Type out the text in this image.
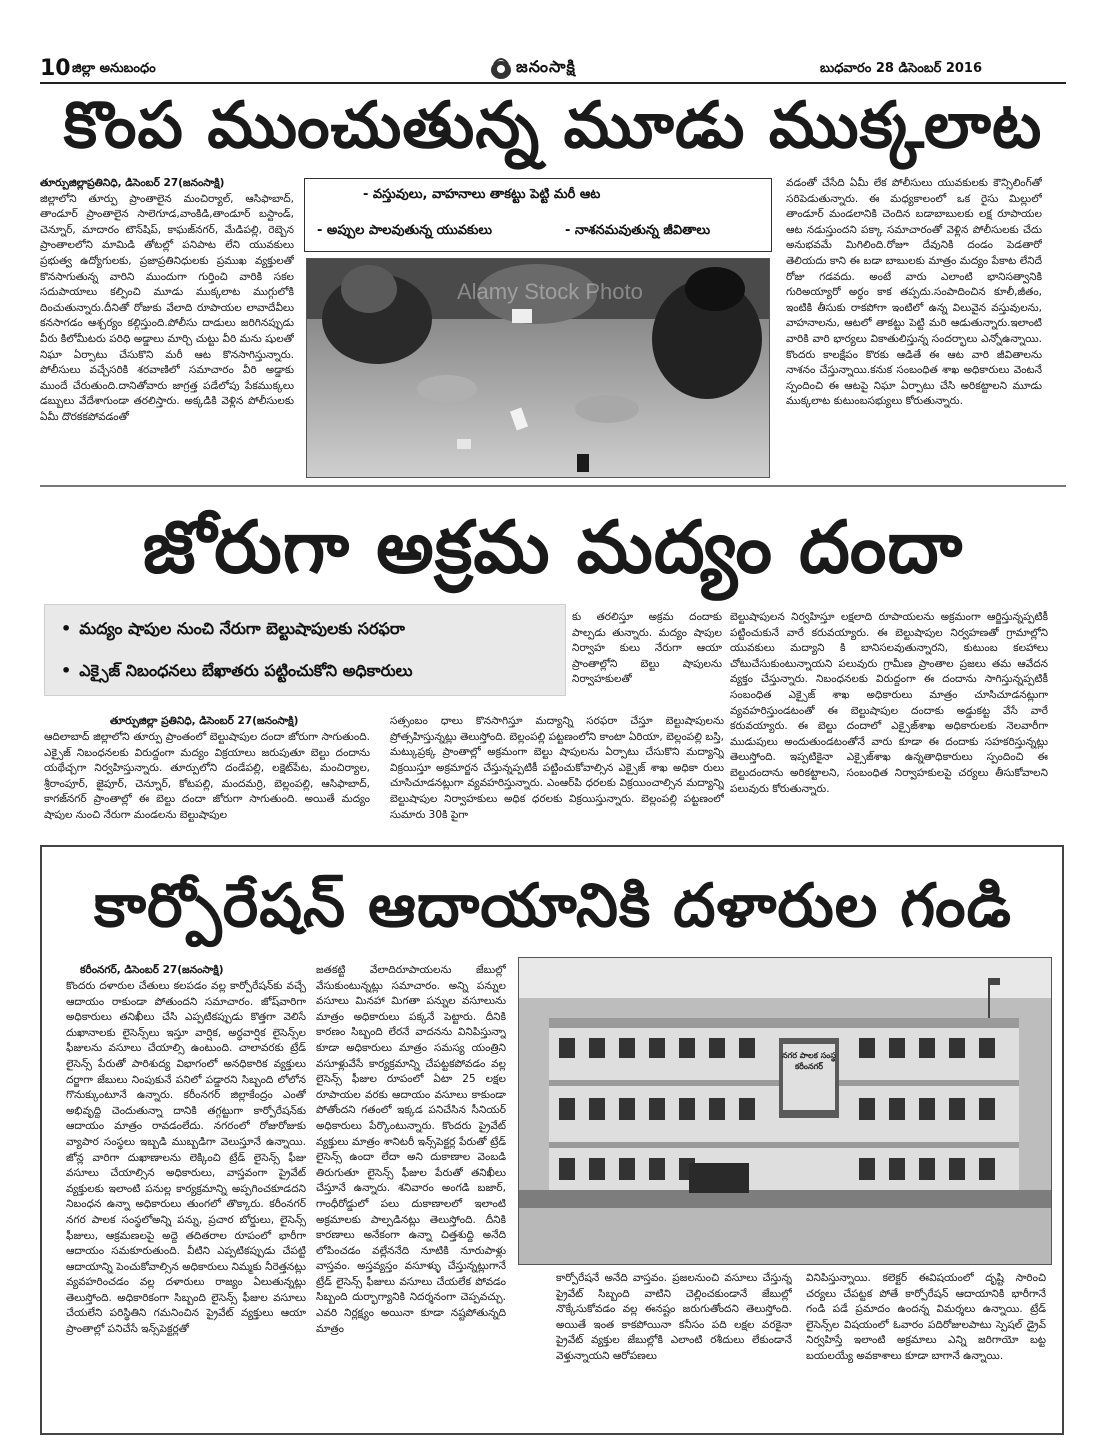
10 జిల్లా అనుబంధం	జనంసాక్షి	బుధవారం 28 డిసెంబర్ 2016
కొంప ముంచుతున్న మూడు ముక్కలాట
తూర్పుజిల్లాప్రతినిధి, డిసెంబర్ 27(జనంసాక్షి)
జిల్లాలోని తూర్పు ప్రాంతాలైన మంచిర్యాల్, ఆసిఫాబాద్, తాండూర్ ప్రాంతాలైన సాలెగూడ,వాంకిడి,తాండూర్ బస్టాండ్, చెన్నూర్, మాదారం టౌన్‌షిప్, కాఘజ్‌నగర్, మేడిపల్లి, రెబ్బెన ప్రాంతాలలోని మామిడి తోటల్లో పనిపాట లేని యువకులు ప్రభుత్వ ఉద్యోగులకు, ప్రజాప్రతినిధులకు ప్రముఖ వ్యక్తులతో కొనసాగుతున్న వారిని ముందుగా గుర్తించి వారికి సకల సదుపాయాలు కల్పించి మూడు ముక్కలాట ముగ్గులోకి దించుతున్నారు.దీనితో రోజుకు వేలాది రూపాయల లావాదేవీలు కనసాగడం ఆశ్చర్యం కల్గిస్తుంది.పోలీసు దాడులు జరిగినప్పుడు వీరు కిలోమీటరు పరిధి అడ్డాలు మార్చి చుట్టు వీరి మను షులతో నిఘా ఏర్పాటు చేసుకొని మరీ ఆట కొనసాగిస్తున్నారు. పోలీసులు వచ్చేసరికి శరవాణిలో సమాచారం వీరి అడ్డాకు ముందే చేరుతుంది.దానితోవారు జాగ్రత్త పడేలోపు పేకముక్కలు డబ్బులు వేదేశాగుండా తరలిస్తారు. అక్కడికి వెళ్లిన పోలీసులకు ఏమీ దొరకకపోవడంతో
- వస్తువులు, వాహనాలు తాకట్టు పెట్టి మరీ ఆట
- అప్పుల పాలవుతున్న యువకులు	- నాశనమవుతున్న జీవితాలు
Alamy Stock Photo
వడంతో చేసేది ఏమీ లేక పోలీసులు యువకులకు కౌన్సిలింగ్‌తో సరిపెడుతున్నారు. ఈ మధ్యకాలంలో ఒక రైసు మిల్లులో తాండూర్ మండలానికి చెందిన బడాబాబులకు లక్ష రూపాయల ఆట నడుస్తుందని పక్కా సమాచారంతో వెళ్లిన పోలీసులకు చేదు అనుభవమే మిగిలింది.రోజూ దేవునికి దండం పెడతారో తెలియదు కాని ఈ బడా బాబులకు మాత్రం మద్యం పేకాట లేనిదే రోజు గడవదు. అంటే వారు ఎలాంటి భానిసత్వానికి గురిఅయ్యారో అర్ధం కాక తప్పదు.సంపాదించిన కూలీ,జీతం, ఇంటికి తీసుకు రాకపోగా ఇంటిలో ఉన్న విలువైన వస్తువులను, వాహనాలను, ఆటలో తాకట్టు పెట్టి మరి ఆడుతున్నారు.ఇలాంటి వారికి వారి భార్యలు వికాతులిస్తున్న సందర్భాలు ఎన్నోఉన్నాయి. కొందరు కాలక్షేపం కొరకు ఆడితే ఈ ఆట వారి జీవితాలను నాశనం చేస్తున్నాయి.కనుక సంబంధిత శాఖ అధికారులు వెంటనే స్పందించి ఈ ఆటపై నిఘా ఏర్పాటు చేసి అరికట్టాలని మూడు ముక్కలాట కుటుంబసభ్యులు కోరుతున్నారు.
జోరుగా అక్రమ మద్యం దందా
• మద్యం షాపుల నుంచి నేరుగా బెల్టుషాపులకు సరఫరా
• ఎక్సైజ్ నిబంధనలు బేఖాతరు పట్టించుకోని అధికారులు
తూర్పుజిల్లా ప్రతినిధి, డిసెంబర్ 27(జనంసాక్షి)
ఆదిలాబాద్ జిల్లాలోని తూర్పు ప్రాంతంలో బెల్టుషాపుల దందా జోరుగా సాగుతుంది. ఎక్సైజ్ నిబంధనలకు విరుద్దంగా మద్యం విక్రయాలు జరుపుతూ బెల్టు దందాను యథేచ్చగా నిర్వహిస్తున్నారు. తూర్పులోని దండేపల్లి, లక్షెట్‌పేట, మంచిర్యాల, శ్రీరాంపూర్, జైపూర్, చెన్నూర్, కోటపల్లి, మందమర్రి, బెల్లంపల్లి, ఆసిఫాబాద్, కాగజ్‌నగర్ ప్రాంతాల్లో ఈ బెల్టు దందా జోరుగా సాగుతుంది. అయితే మద్యం షాపుల నుంచి నేరుగా మండలను బెల్టుషాపుల
సత్సంబం ధాలు కొనసాగిస్తూ మద్యాన్ని సరఫరా చేస్తూ బెల్టుషాపులను ప్రోత్సహిస్తున్నట్లు తెలుస్తోంది. బెల్లంపల్లి పట్టణంలోని కాంటా ఏరియా, బెల్లంపల్లి బస్తి, మట్కుప్రక్క ప్రాంతాల్లో అక్రమంగా బెల్టు షాపులను ఏర్పాటు చేసుకొని మద్యాన్ని విక్రయిస్తూ అక్రమార్జన చేస్తున్నప్పటికీ పట్టించుకోవాల్సిన ఎక్సైజ్ శాఖ అధికా రులు చూసిచూడనట్లుగా వ్యవహరిస్తున్నారు. ఎంఆర్‌పి ధరలకు విక్రయించాల్సిన మద్యాన్ని బెల్టుషాపుల నిర్వాహకులు అధిక ధరలకు విక్రయిస్తున్నారు. బెల్లంపల్లి పట్టణంలో సుమారు 30కి పైగా
కు తరలిస్తూ అక్రమ దందాకు పాల్పడు తున్నారు. మద్యం షాపుల నిర్వాహ కులు నేరుగా ఆయా ప్రాంతాల్లోని బెల్టు షాపులను నిర్వాహకులతో
బెల్టుషాపులన నిర్వహిస్తూ లక్షలాది రూపాయలను అక్రమంగా ఆర్జిస్తున్నప్పటికీ పట్టించుకునే వారే కరువయ్యారు. ఈ బెల్టుషాపుల నిర్వహణతో గ్రామాల్లోని యువకులు మద్యాని కి బానిసలవుతున్నారని, కుటుంబ కలహాలు చోటుచేసుకుంటున్నాయని పలువురు గ్రామీణ ప్రాంతాల ప్రజలు తమ ఆవేదన వ్యక్తం చేస్తున్నారు. నిబంధనలకు విరుద్దంగా ఈ దందాను సాగిస్తున్నప్పటికీ సంబంధిత ఎక్సైజ్ శాఖ అధికారులు మాత్రం చూసిచూడనట్లుగా వ్యవహరిస్తుండటంతో ఈ బెల్టుషాపుల దందాకు అడ్డుకట్ట వేసే వారే కరువయ్యారు. ఈ బెల్టు దందాలో ఎక్సైజ్‌శాఖ అధికారులకు నెలవారీగా ముడుపులు అందుతుండటంతోనే వారు కూడా ఈ దందాకు సహకరిస్తున్నట్లు తెలుస్తోంది. ఇప్పటికైనా ఎక్సైజ్‌శాఖ ఉన్నతాధికారులు స్పందించి ఈ బెల్టుదందాను అరికట్టాలని, సంబంధిత నిర్వాహకులపై చర్యలు తీసుకోవాలని పలువురు కోరుతున్నారు.
కార్పోరేషన్ ఆదాయానికి దళారుల గండి
కరీంనగర్, డిసెంబర్ 27(జనంసాక్షి)
కొందరు దళారుల చేతులు కలపడం వల్ల కార్పోరేషన్‌కు వచ్చే ఆదాయం రాకుండా పోతుందని సమాచారం. జోష్‌వారిగా అధికారులు తనిఖీలు చేసి ఎప్పటికప్పుడు కొత్తగా వెలిసే దుఖానాలకు లైసెన్స్‌లు ఇస్తూ వార్షిక, అర్ధవార్షిక లైసెన్స్‌ల ఫీజులను వసూలు చేయాల్సి ఉంటుంది. చాలావరకు ట్రేడ్ లైసెన్స్ పేరుతో పారిశుద్య విభాగంలో అనధికారిక వ్యక్తులు దర్జాగా జేబులు నింపుకునే పనిలో పడ్డారని సిబ్బంది లోలోన గొనుక్కుంటూనే ఉన్నారు. కరీంనగర్ జిల్లాకేంద్రం ఎంతో అభివృద్ది చెందుతున్నా దానికి తగ్గట్టుగా కార్పోరేషన్‌కు ఆదాయం మాత్రం రావడంలేదు. నగరంలో రోజురోజుకు వ్యాపార సంస్థలు ఇబ్బడి ముబ్బడిగా వెలుస్తూనే ఉన్నాయి. జోన్ల వారిగా దుఖాణాలను లెక్కించి ట్రేడ్ లైసెన్స్ ఫీజు వసూలు చేయాల్సిన అధికారులు, వాస్తవంగా ప్రైవేట్ వ్యక్తులకు ఇలాంటి పనుల్ల కార్యక్రమాన్ని అప్పగించకూడదని నిబంధన ఉన్నా అధికారులు తుంగలో తొక్కారు. కరీంనగర్ నగర పాలక సంస్థలోఅన్ని పన్ను, ప్రచార బోర్డులు, లైసెన్స్ ఫీజులు, ఆక్రమణలపై అద్దె తదితరాల రూపంలో భారీగా ఆదాయం సమకూరుతుంది. వీటిని ఎప్పటికప్పుడు చేపట్టి ఆదాయాన్ని పెంచుకోవాల్సిన అధికారులు నిమ్మకు నీరెత్తనట్లు వ్యవహరించడం వల్ల దళారులు రాజ్యం ఏలుతున్నట్లు తెలుస్తోంది. అధికారికంగా సిబ్బంది లైసెన్స్ ఫీజుల వసూలు చేయలేని పరిస్థితిని గమనించిన ప్రైవేట్ వ్యక్తులు ఆయా ప్రాంతాల్లో పనిచేసే ఇన్స్‌పెక్టర్లతో
జతకట్టి వేలాదిరూపాయలను జేబుల్లో వేసుకుంటున్నట్లు సమాచారం. అన్ని పన్నుల వసూలు మినహా మిగతా పన్నుల వసూలును మాత్రం అధికారులు పక్కనే పెట్టారు. దీనికి కారణం సిబ్బంది లేరనే వాదనను వినిపిస్తున్నా కూడా అధికారులు మాత్రం సమస్య యంత్రిని వసూళ్లువేసే కార్యక్రమాన్ని చేపట్టకపోవడం వల్ల లైసెన్స్ ఫీజుల రూపంలో ఏటా 25 లక్షల రూపాయల వరకు ఆదాయం వసూలు కాకుండా పోతోందని గతంలో ఇక్కడ పనిచేసిన సీనియర్ అధికారులు పేర్కొంటున్నారు. కొందరు ప్రైవేట్ వ్యక్తులు మాత్రం శానిటరీ ఇన్స్‌పెక్టర్ల పేరుతో ట్రేడ్ లైసెన్స్ ఉందా లేదా అని దుకాణాల వెంబడి తిరుగుతూ లైసెన్స్ ఫీజుల పేరుతో తనిఖీలు చేస్తూనే ఉన్నారు. శనివారం అంగడి బజార్, గాంధీరోడ్డులో పలు దుకాణాలలో ఇలాంటి అక్రమాలకు పాల్పడినట్లు తెలుస్తోంది. దీనికి కారణాలు అనేకంగా ఉన్నా చిత్తశుద్ది అనేది లోపించడం వల్లేననేది నూటికి నూరుపాళ్లు వాస్తవం. అస్తవ్యస్తం వసూళ్ళు చేస్తున్నట్లుగానే ట్రేడ్ లైసెన్స్ ఫీజులు వసూలు చేయలేక పోవడం సిబ్బంది దుర్భాగ్యానికి నిదర్శనంగా చెప్పవచ్చు. ఎవరి నిర్లక్ష్యం అయినా కూడా నష్టపోతున్నది మాత్రం
నగర పాలక సంస్థ కరీంనగర్
కార్పోరేషనే అనేది వాస్తవం. ప్రజలనుంచి వసూలు చేస్తున్న ప్రైవేట్ సిబ్బంది వాటిని చెల్లించకుండానే జేబుల్లో నొక్కేసుకోవడం వల్ల ఈనష్టం జరుగుతోందని తెలుస్తోంది. అయితే ఇంత కాకపోయినా కనీసం పది లక్షల వరకైనా ప్రైవేట్ వ్యక్తుల జేబుల్లోకి ఎలాంటి రశీదులు లేకుండానే వెళ్తున్నాయని ఆరోపణలు
వినిపిస్తున్నాయి. కలెక్టర్ ఈవిషయంలో దృష్టి సారించి చర్యలు చేపట్టక పోతే కార్పోరేషన్ ఆదాయానికి భారీగానే గండి పడే ప్రమాదం ఉందన్న విమర్శలు ఉన్నాయి. ట్రేడ్ లైసెన్స్‌ల విషయంలో ఓవారం పదిరోజులపాటు స్పెషల్ డ్రైవ్ నిర్వహిస్తే ఇలాంటి అక్రమాలు ఎన్ని జరిగాయో బట్ట బయలయ్యే అవకాశాలు కూడా బాగానే ఉన్నాయి.
